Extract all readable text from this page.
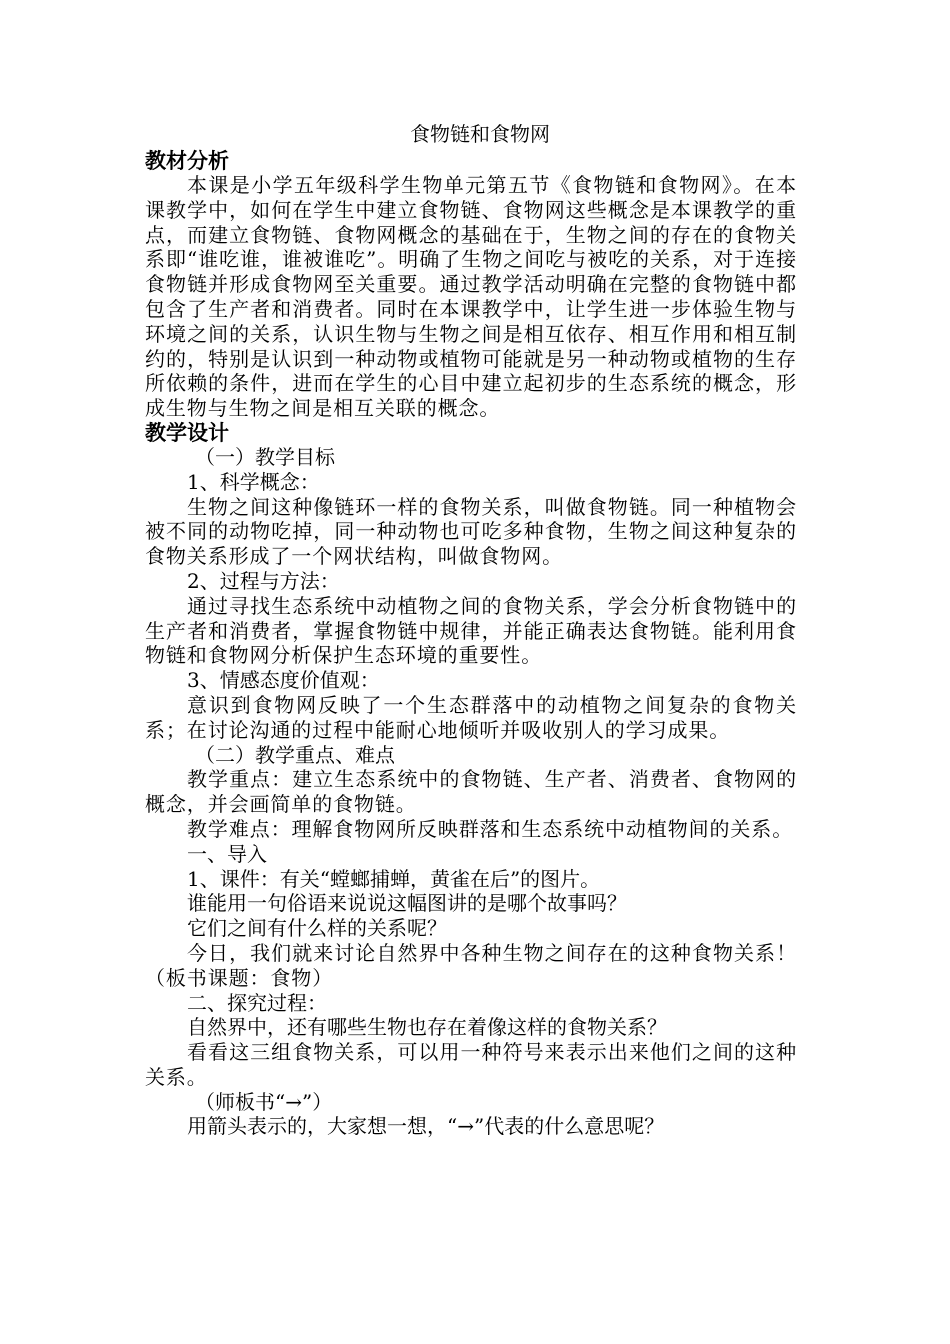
食物链和食物网
教材分析

本课是小学五年级科学生物单元第五节《食物链和食物网》。在本课教学中，如何在学生中建立食物链、食物网这些概念是本课教学的重点，而建立食物链、食物网概念的基础在于，生物之间的存在的食物关系即“谁吃谁，谁被谁吃”。明确了生物之间吃与被吃的关系，对于连接食物链并形成食物网至关重要。通过教学活动明确在完整的食物链中都包含了生产者和消费者。同时在本课教学中，让学生进一步体验生物与环境之间的关系，认识生物与生物之间是相互依存、相互作用和相互制约的，特别是认识到一种动物或植物可能就是另一种动物或植物的生存所依赖的条件，进而在学生的心目中建立起初步的生态系统的概念，形成生物与生物之间是相互关联的概念。

教学设计
（一）教学目标
1、科学概念：

生物之间这种像链环一样的食物关系，叫做食物链。同一种植物会被不同的动物吃掉，同一种动物也可吃多种食物，生物之间这种复杂的食物关系形成了一个网状结构，叫做食物网。

2、过程与方法：

通过寻找生态系统中动植物之间的食物关系，学会分析食物链中的生产者和消费者，掌握食物链中规律，并能正确表达食物链。能利用食物链和食物网分析保护生态环境的重要性。

3、情感态度价值观：

意识到食物网反映了一个生态群落中的动植物之间复杂的食物关系；在讨论沟通的过程中能耐心地倾听并吸收别人的学习成果。

（二）教学重点、难点

教学重点：建立生态系统中的食物链、生产者、消费者、食物网的概念，并会画简单的食物链。

教学难点：理解食物网所反映群落和生态系统中动植物间的关系。

一、导入
1、课件：有关“螳螂捕蝉，黄雀在后”的图片。
谁能用一句俗语来说说这幅图讲的是哪个故事吗？
它们之间有什么样的关系呢？

今日，我们就来讨论自然界中各种生物之间存在的这种食物关系！（板书课题：食物）

二、探究过程：
自然界中，还有哪些生物也存在着像这样的食物关系？

看看这三组食物关系，可以用一种符号来表示出来他们之间的这种关系。

（师板书“→”）
用箭头表示的，大家想一想，“→”代表的什么意思呢？
